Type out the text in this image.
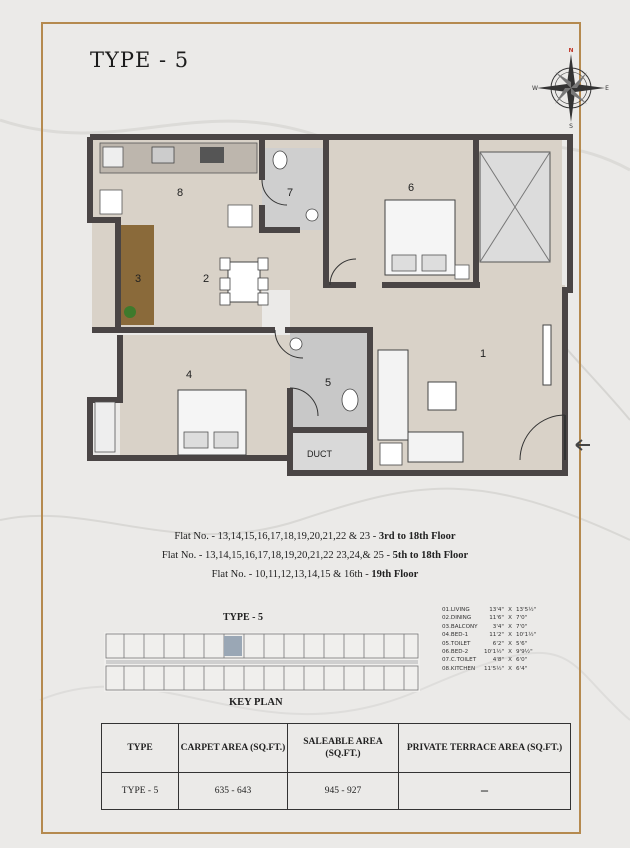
TYPE - 5	N
S
W	E
1
2
3
4
5
6
7
8
DUCT
Flat No. - 13,14,15,16,17,18,19,20,21,22 & 23 - 3rd to 18th Floor
Flat No. - 13,14,15,16,17,18,19,20,21,22 23,24,& 25 - 5th to 18th Floor
Flat No. - 10,11,12,13,14,15 & 16th - 19th Floor
TYPE - 5
KEY PLAN
01.LIVING	13'4" X 13'5½"
02.DINING	11'6" X 7'0"
03.BALCONY	3'4" X 7'0"
04.BED-1	11'2" X 10'1½"
05.TOILET	6'2" X 5'6"
06.BED-2	10'1½" X 9'9½"
07.C.TOILET	4'8" X 6'0"
08.KITCHEN	11'5½" X 6'4"
TYPE	CARPET AREA (SQ.FT.)	SALEABLE AREA (SQ.FT.)	PRIVATE TERRACE AREA (SQ.FT.)
TYPE - 5	635 - 643	945 - 927	–
